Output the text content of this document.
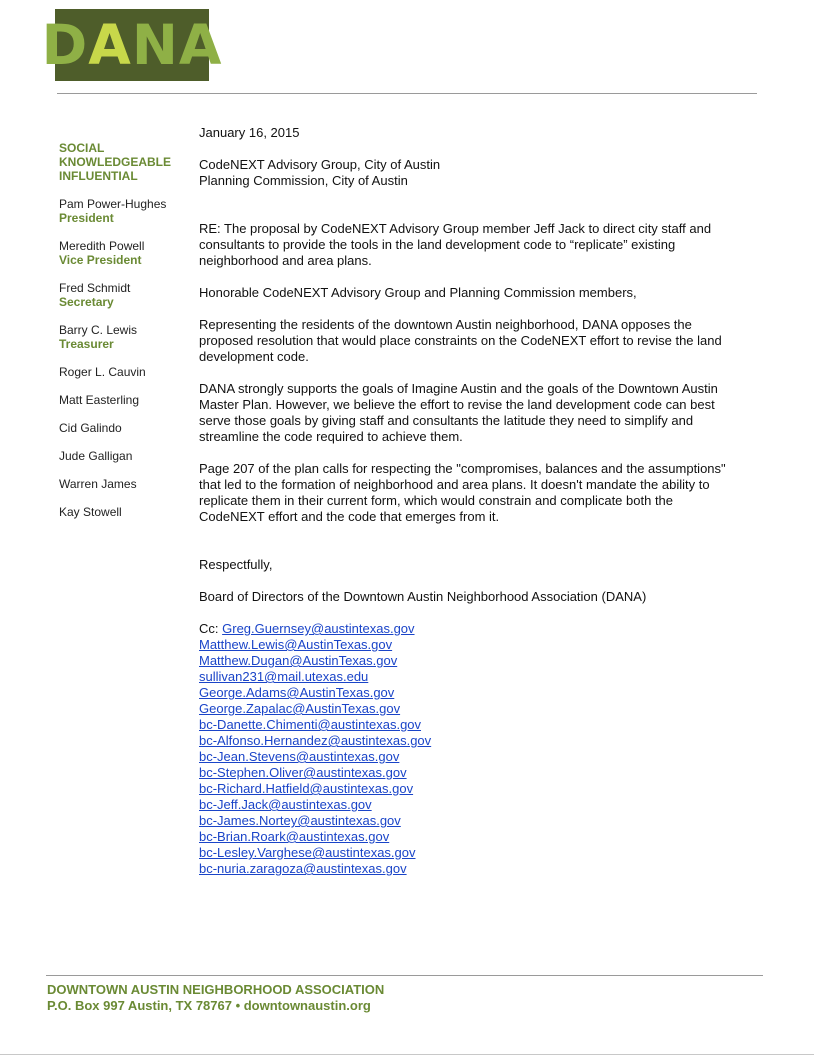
D A N A
SOCIAL
KNOWLEDGEABLE
INFLUENTIAL
Pam Power-Hughes
President
Meredith Powell
Vice President
Fred Schmidt
Secretary
Barry C. Lewis
Treasurer
Roger L. Cauvin
Matt Easterling
Cid Galindo
Jude Galligan
Warren James
Kay Stowell

January 16, 2015

CodeNEXT Advisory Group, City of Austin

Planning Commission, City of Austin

RE: The proposal by CodeNEXT Advisory Group member Jeff Jack to direct city staff and consultants to provide the tools in the land development code to “replicate” existing neighborhood and area plans.

Honorable CodeNEXT Advisory Group and Planning Commission members,

Representing the residents of the downtown Austin neighborhood, DANA opposes the proposed resolution that would place constraints on the CodeNEXT effort to revise the land development code.

DANA strongly supports the goals of Imagine Austin and the goals of the Downtown Austin Master Plan. However, we believe the effort to revise the land development code can best serve those goals by giving staff and consultants the latitude they need to simplify and streamline the code required to achieve them.

Page 207 of the plan calls for respecting the "compromises, balances and the assumptions" that led to the formation of neighborhood and area plans. It doesn't mandate the ability to replicate them in their current form, which would constrain and complicate both the CodeNEXT effort and the code that emerges from it.

Respectfully,

Board of Directors of the Downtown Austin Neighborhood Association (DANA)

Cc: Greg.Guernsey@austintexas.gov
Matthew.Lewis@AustinTexas.gov
Matthew.Dugan@AustinTexas.gov
sullivan231@mail.utexas.edu
George.Adams@AustinTexas.gov
George.Zapalac@AustinTexas.gov
bc-Danette.Chimenti@austintexas.gov
bc-Alfonso.Hernandez@austintexas.gov
bc-Jean.Stevens@austintexas.gov
bc-Stephen.Oliver@austintexas.gov
bc-Richard.Hatfield@austintexas.gov
bc-Jeff.Jack@austintexas.gov
bc-James.Nortey@austintexas.gov
bc-Brian.Roark@austintexas.gov
bc-Lesley.Varghese@austintexas.gov
bc-nuria.zaragoza@austintexas.gov
DOWNTOWN AUSTIN NEIGHBORHOOD ASSOCIATION
P.O. Box 997 Austin, TX 78767 • downtownaustin.org
